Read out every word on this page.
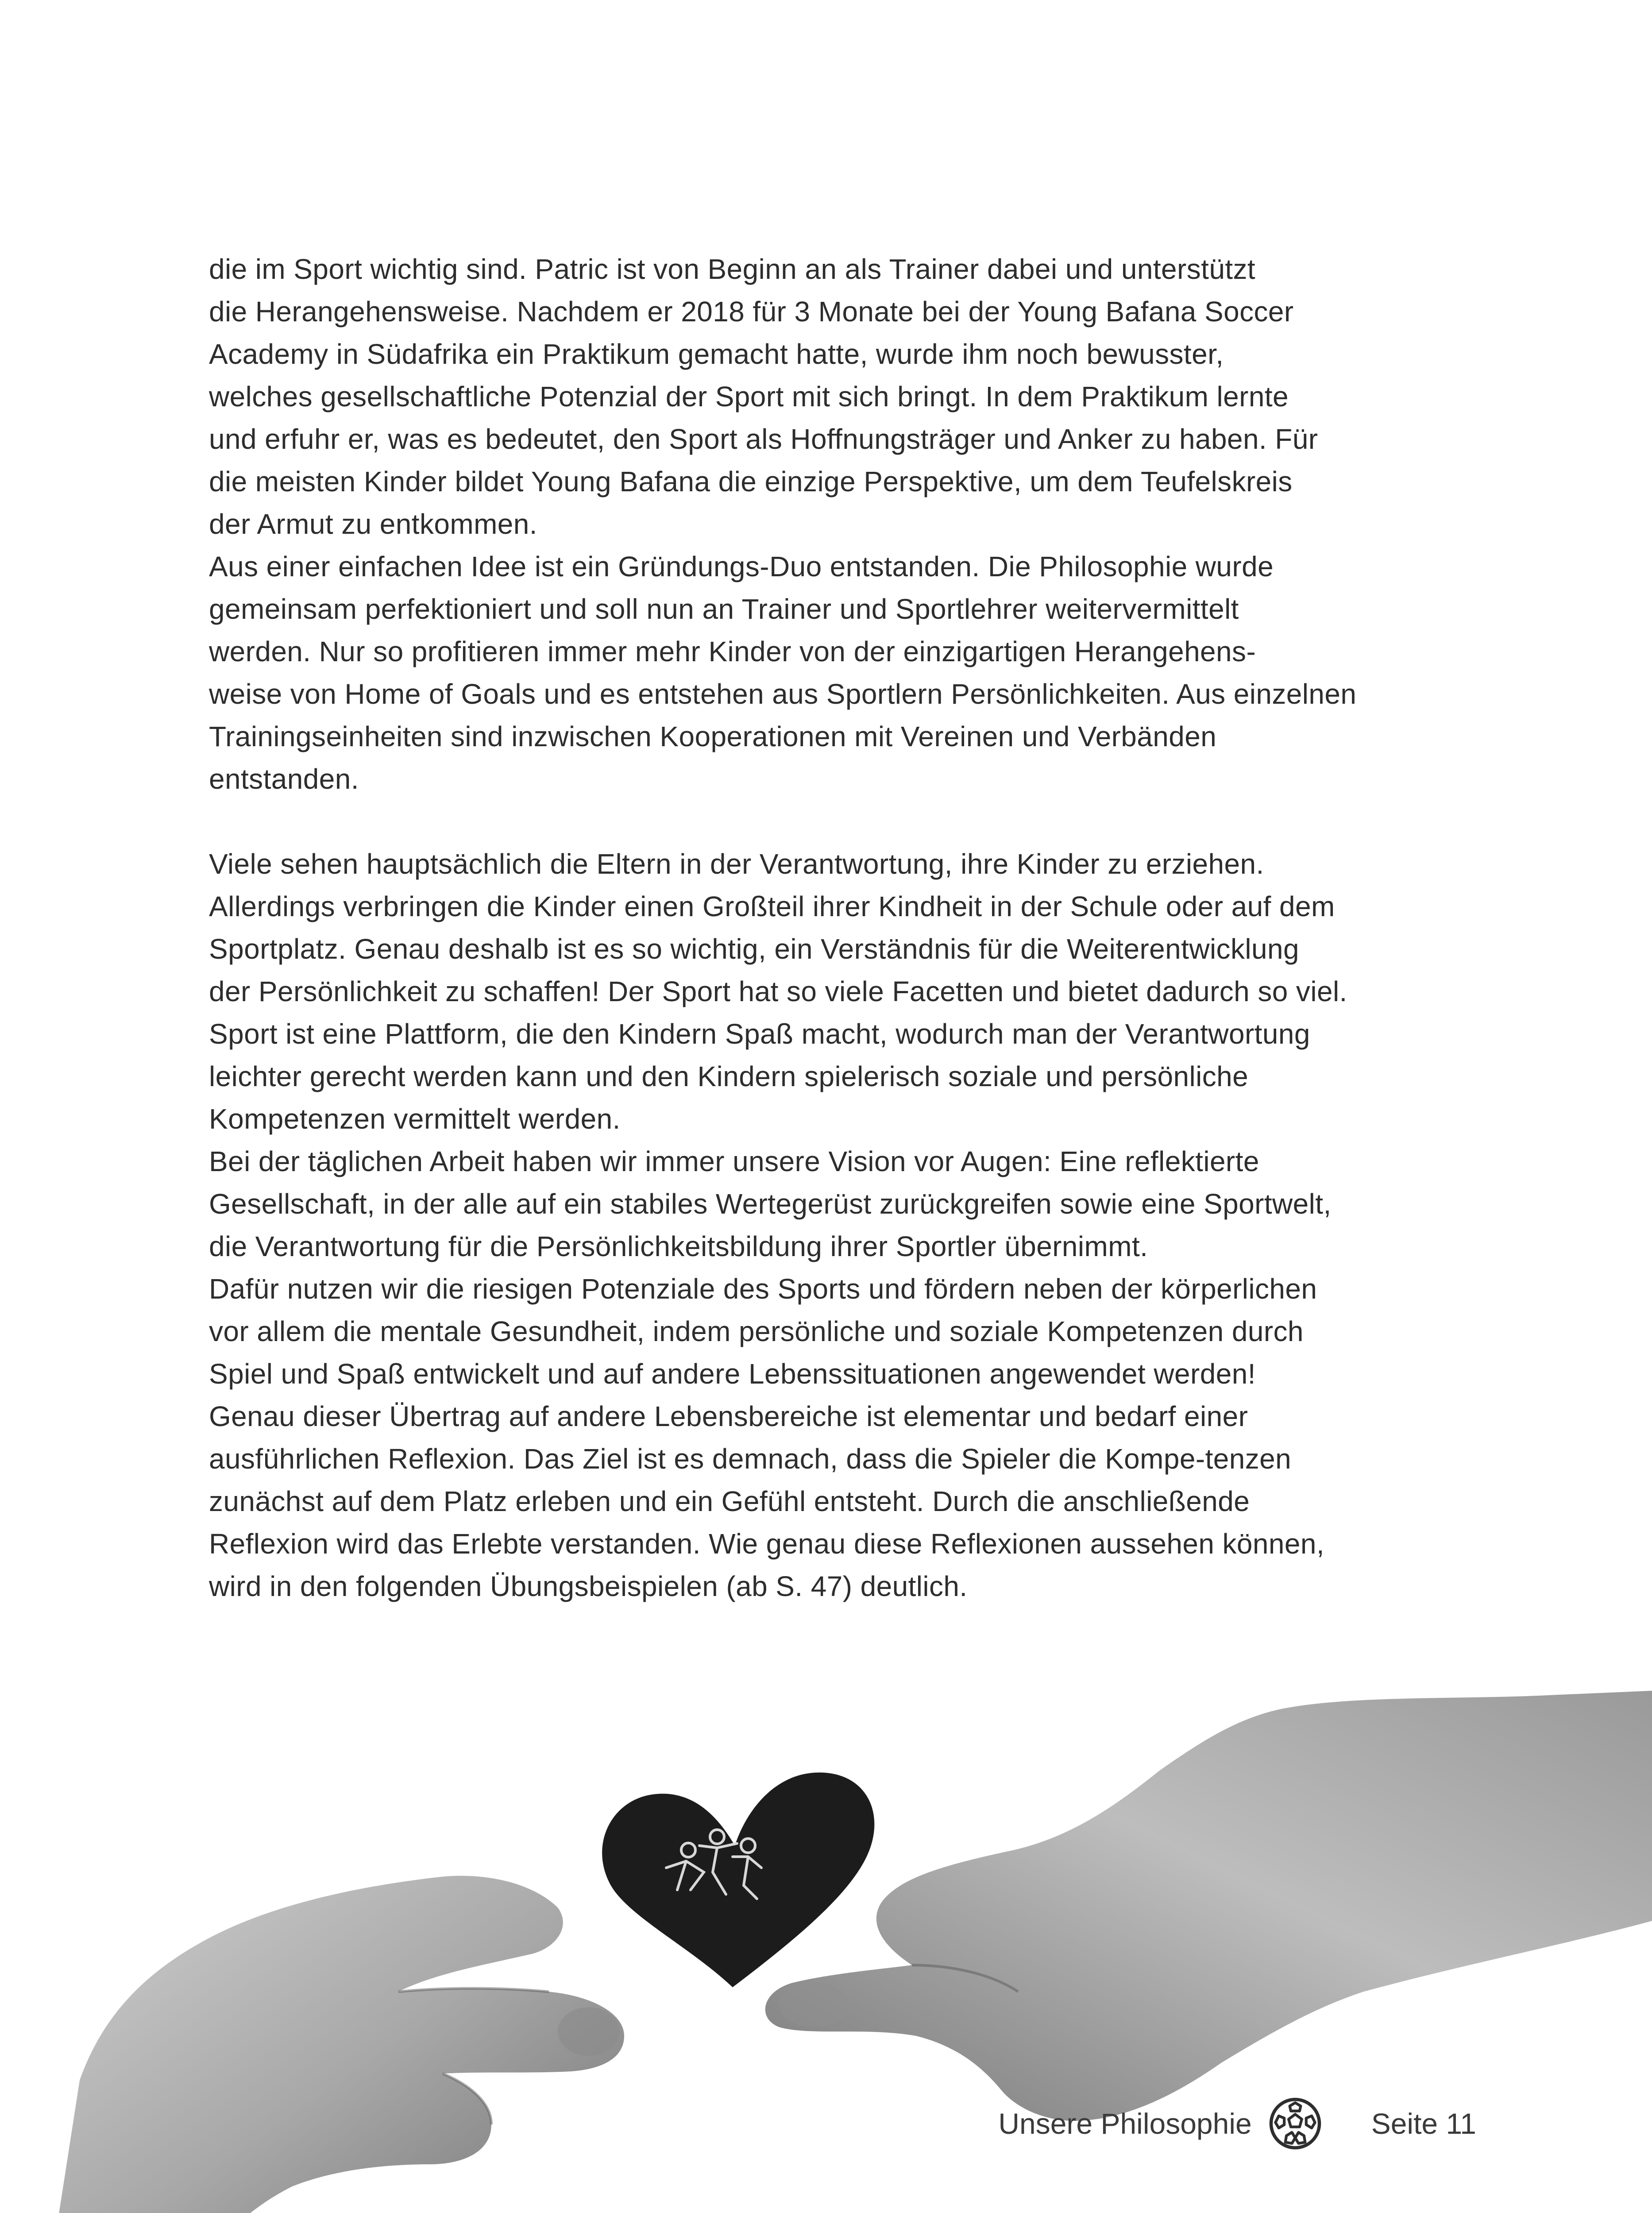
die im Sport wichtig sind. Patric ist von Beginn an als Trainer dabei und unterstützt
die Herangehensweise. Nachdem er 2018 für 3 Monate bei der Young Bafana Soccer
Academy in Südafrika ein Praktikum gemacht hatte, wurde ihm noch bewusster,
welches gesellschaftliche Potenzial der Sport mit sich bringt. In dem Praktikum lernte
und erfuhr er, was es bedeutet, den Sport als Hoffnungsträger und Anker zu haben. Für
die meisten Kinder bildet Young Bafana die einzige Perspektive, um dem Teufelskreis
der Armut zu entkommen.
Aus einer einfachen Idee ist ein Gründungs-Duo entstanden. Die Philosophie wurde
gemeinsam perfektioniert und soll nun an Trainer und Sportlehrer weitervermittelt
werden. Nur so profitieren immer mehr Kinder von der einzigartigen Herangehens-
weise von Home of Goals und es entstehen aus Sportlern Persönlichkeiten. Aus einzelnen
Trainingseinheiten sind inzwischen Kooperationen mit Vereinen und Verbänden
entstanden.

Viele sehen hauptsächlich die Eltern in der Verantwortung, ihre Kinder zu erziehen.
Allerdings verbringen die Kinder einen Großteil ihrer Kindheit in der Schule oder auf dem
Sportplatz. Genau deshalb ist es so wichtig, ein Verständnis für die Weiterentwicklung
der Persönlichkeit zu schaffen! Der Sport hat so viele Facetten und bietet dadurch so viel.
Sport ist eine Plattform, die den Kindern Spaß macht, wodurch man der Verantwortung
leichter gerecht werden kann und den Kindern spielerisch soziale und persönliche
Kompetenzen vermittelt werden.
Bei der täglichen Arbeit haben wir immer unsere Vision vor Augen: Eine reflektierte
Gesellschaft, in der alle auf ein stabiles Wertegerüst zurückgreifen sowie eine Sportwelt,
die Verantwortung für die Persönlichkeitsbildung ihrer Sportler übernimmt.
Dafür nutzen wir die riesigen Potenziale des Sports und fördern neben der körperlichen
vor allem die mentale Gesundheit, indem persönliche und soziale Kompetenzen durch
Spiel und Spaß entwickelt und auf andere Lebenssituationen angewendet werden!
Genau dieser Übertrag auf andere Lebensbereiche ist elementar und bedarf einer
ausführlichen Reflexion. Das Ziel ist es demnach, dass die Spieler die Kompe-tenzen
zunächst auf dem Platz erleben und ein Gefühl entsteht. Durch die anschließende
Reflexion wird das Erlebte verstanden. Wie genau diese Reflexionen aussehen können,
wird in den folgenden Übungsbeispielen (ab S. 47) deutlich.

Unsere Philosophie	Seite 11
